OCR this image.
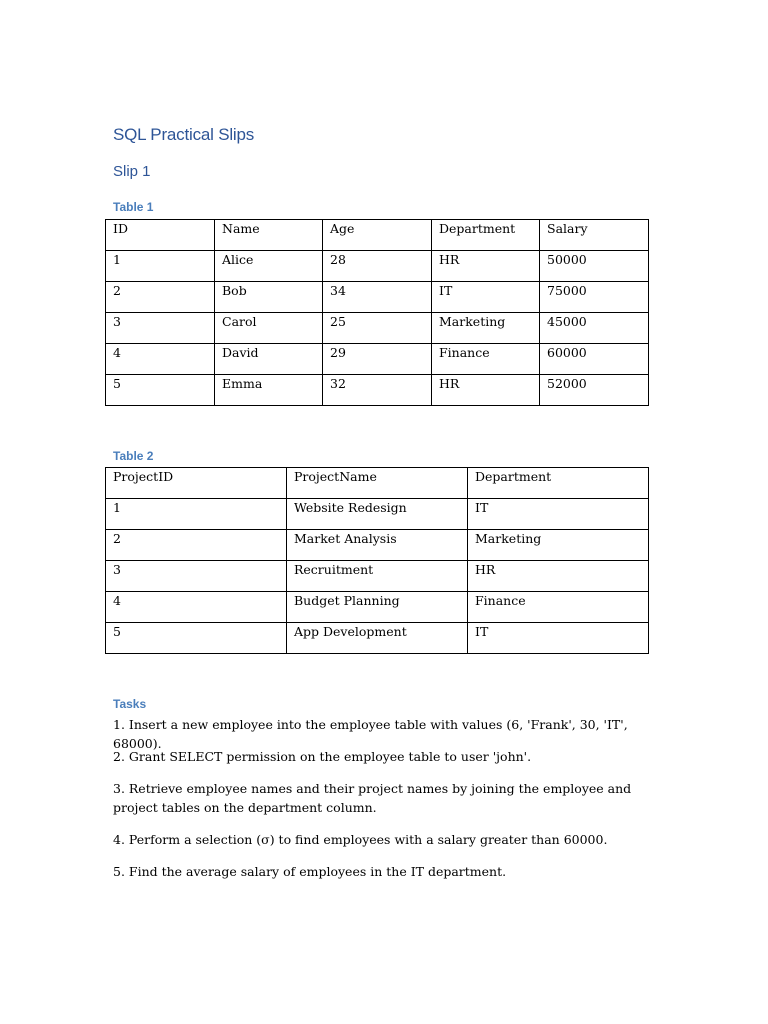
SQL Practical Slips
Slip 1
Table 1
ID	Name	Age	Department	Salary
1	Alice	28	HR	50000
2	Bob	34	IT	75000
3	Carol	25	Marketing	45000
4	David	29	Finance	60000
5	Emma	32	HR	52000
Table 2
ProjectID	ProjectName	Department
1	Website Redesign	IT
2	Market Analysis	Marketing
3	Recruitment	HR
4	Budget Planning	Finance
5	App Development	IT
Tasks

1. Insert a new employee into the employee table with values (6, 'Frank', 30, 'IT', 68000).

2. Grant SELECT permission on the employee table to user 'john'.

3. Retrieve employee names and their project names by joining the employee and project tables on the department column.

4. Perform a selection (σ) to find employees with a salary greater than 60000.

5. Find the average salary of employees in the IT department.
